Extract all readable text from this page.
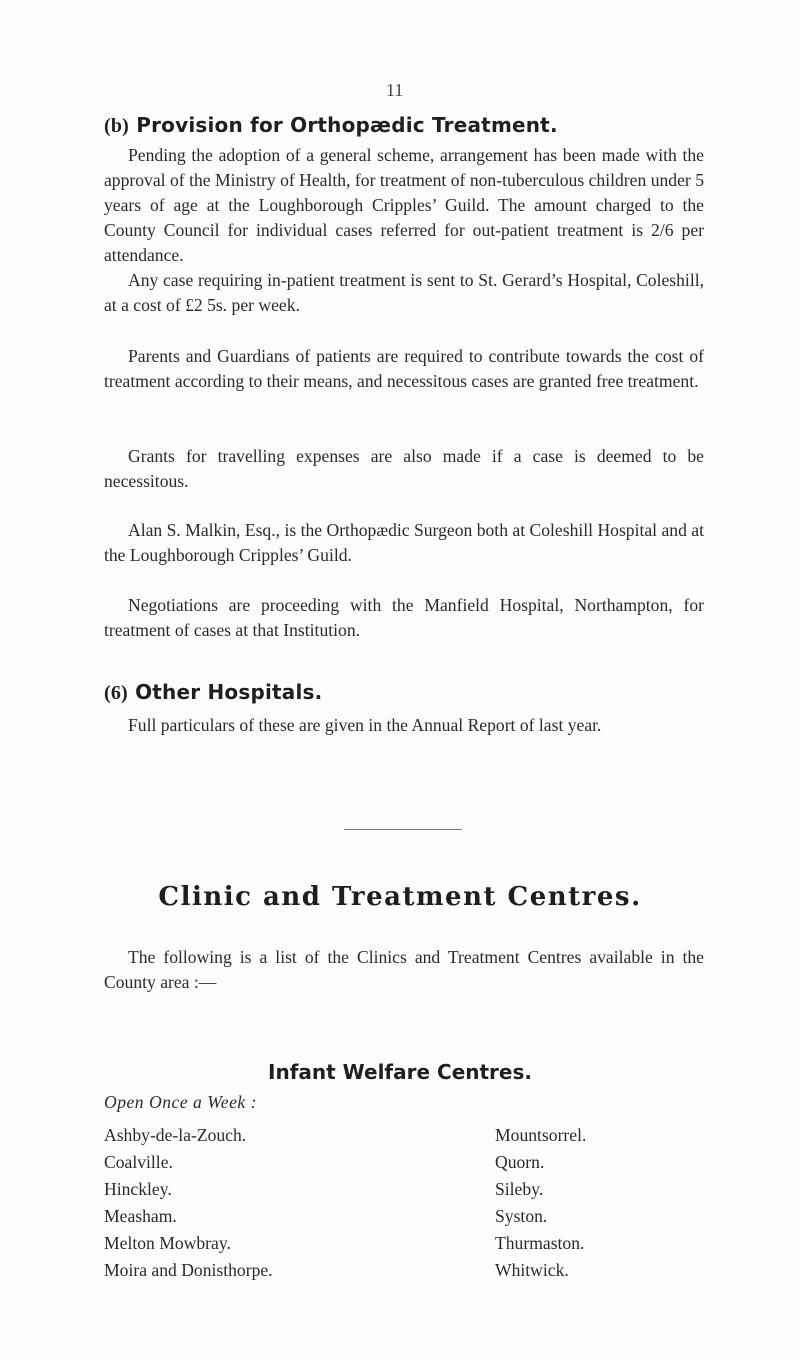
11
(b) Provision for Orthopædic Treatment.

Pending the adoption of a general scheme, arrangement has been made with the approval of the Ministry of Health, for treatment of non-tuberculous children under 5 years of age at the Loughborough Cripples’ Guild. The amount charged to the County Council for individual cases referred for out-patient treatment is 2/6 per attendance.

Any case requiring in-patient treatment is sent to St. Gerard’s Hospital, Coleshill, at a cost of £2 5s. per week.

Parents and Guardians of patients are required to contribute towards the cost of treatment according to their means, and necessitous cases are granted free treatment.

Grants for travelling expenses are also made if a case is deemed to be necessitous.

Alan S. Malkin, Esq., is the Orthopædic Surgeon both at Coleshill Hospital and at the Loughborough Cripples’ Guild.

Negotiations are proceeding with the Manfield Hospital, Northampton, for treatment of cases at that Institution.

(6) Other Hospitals.

Full particulars of these are given in the Annual Report of last year.

Clinic and Treatment Centres.

The following is a list of the Clinics and Treatment Centres available in the County area :—

Infant Welfare Centres.
Open Once a Week :
Ashby-de-la-Zouch.
Coalville.
Hinckley.
Measham.
Melton Mowbray.
Moira and Donisthorpe.
Mountsorrel.
Quorn.
Sileby.
Syston.
Thurmaston.
Whitwick.
